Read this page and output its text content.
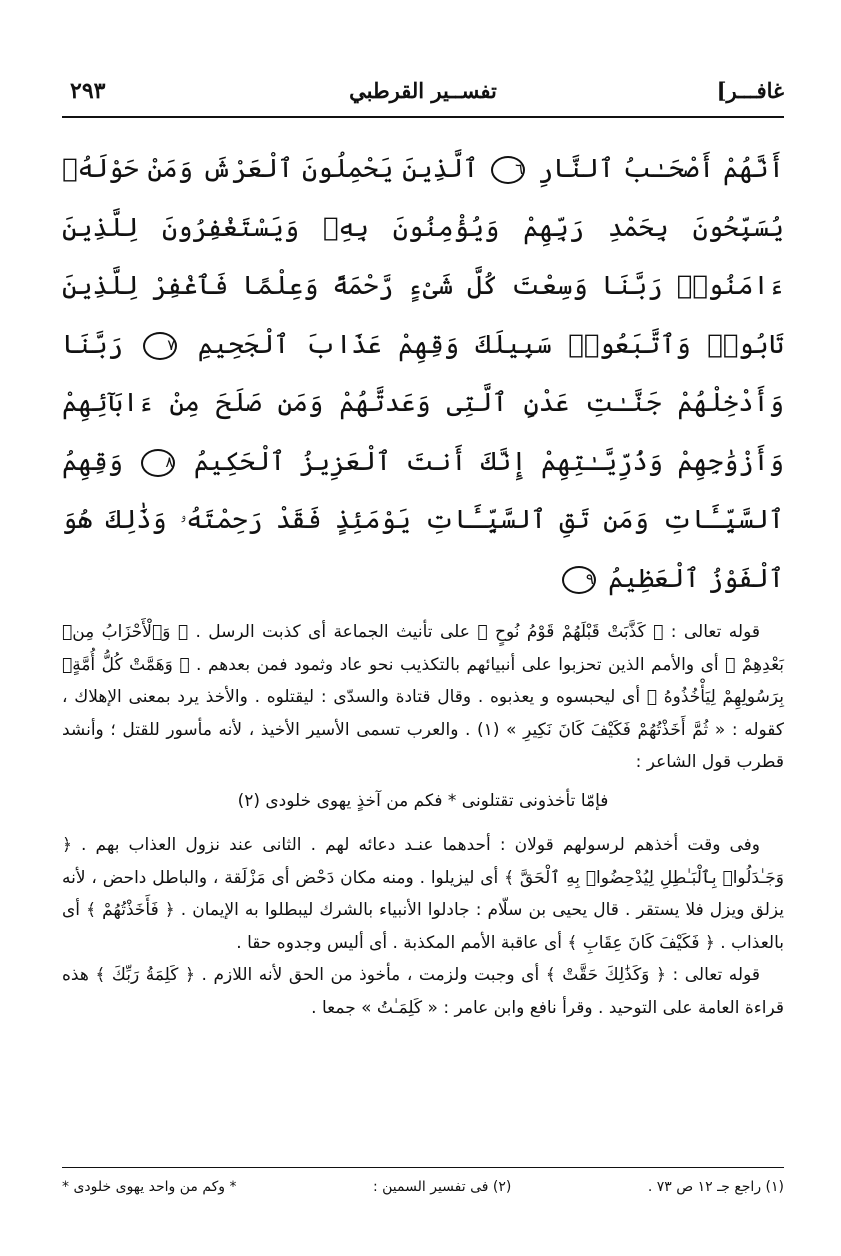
غافـــر]
تفســير القرطبي
٢٩٣
أَنَّهُمْ أَصْحَـٰبُ ٱلنَّارِ ٦ ٱلَّذِينَ يَحْمِلُونَ ٱلْعَرْشَ وَمَنْ حَوْلَهُۥ يُسَبِّحُونَ بِحَمْدِ رَبِّهِمْ وَيُؤْمِنُونَ بِهِۦ وَيَسْتَغْفِرُونَ لِلَّذِينَ ءَامَنُوا۟ رَبَّنَا وَسِعْتَ كُلَّ شَىْءٍ رَّحْمَةً وَعِلْمًا فَٱغْفِرْ لِلَّذِينَ تَابُوا۟ وَٱتَّبَعُوا۟ سَبِيلَكَ وَقِهِمْ عَذَابَ ٱلْجَحِيمِ ٧ رَبَّنَا وَأَدْخِلْهُمْ جَنَّـٰتِ عَدْنٍ ٱلَّتِى وَعَدتَّهُمْ وَمَن صَلَحَ مِنْ ءَابَآئِهِمْ وَأَزْوَٰجِهِمْ وَذُرِّيَّـٰتِهِمْ إِنَّكَ أَنتَ ٱلْعَزِيزُ ٱلْحَكِيمُ ٨ وَقِهِمُ ٱلسَّيِّـَٔاتِ وَمَن تَقِ ٱلسَّيِّـَٔاتِ يَوْمَئِذٍ فَقَدْ رَحِمْتَهُۥ وَذَٰلِكَ هُوَ ٱلْفَوْزُ ٱلْعَظِيمُ ٩

قوله تعالى : ﴿ كَذَّبَتْ قَبْلَهُمْ قَوْمُ نُوحٍ ﴾ على تأنيث الجماعة أى كذبت الرسل . ﴿ وَٱلْأَحْزَابُ مِنۢ بَعْدِهِمْ ﴾ أى والأمم الذين تحزبوا على أنبيائهم بالتكذيب نحو عاد وثمود فمن بعدهم . ﴿ وَهَمَّتْ كُلُّ أُمَّةٍۭ بِرَسُولِهِمْ لِيَأْخُذُوهُ ﴾ أى ليحبسوه و يعذبوه . وقال قتادة والسدّى : ليقتلوه . والأخذ يرد بمعنى الإهلاك ، كقوله : « ثُمَّ أَخَذْتُهُمْ فَكَيْفَ كَانَ نَكِيرِ » (١) . والعرب تسمى الأسير الأخيذ ، لأنه مأسور للقتل ؛ وأنشد قطرب قول الشاعر :

فإمّا تأخذونى تقتلونى * فكم من آخذٍ يهوى خلودى (٢)

وفى وقت أخذهم لرسولهم قولان : أحدهما عنـد دعائه لهم . الثانى عند نزول العذاب بهم . ﴿ وَجَـٰدَلُوا۟ بِٱلْبَـٰطِلِ لِيُدْحِضُوا۟ بِهِ ٱلْحَقَّ ﴾ أى ليزيلوا . ومنه مكان دَحْض أى مَزْلَقة ، والباطل داحض ، لأنه يزلق ويزل فلا يستقر . قال يحيى بن سلّام : جادلوا الأنبياء بالشرك ليبطلوا به الإيمان . ﴿ فَأَخَذْتُهُمْ ﴾ أى بالعذاب . ﴿ فَكَيْفَ كَانَ عِقَابِ ﴾ أى عاقبة الأمم المكذبة . أى أليس وجدوه حقا .

قوله تعالى : ﴿ وَكَذَٰلِكَ حَقَّتْ ﴾ أى وجبت ولزمت ، مأخوذ من الحق لأنه اللازم . ﴿ كَلِمَةُ رَبِّكَ ﴾ هذه قراءة العامة على التوحيد . وقرأ نافع وابن عامر : « كَلِمَـٰتُ » جمعا .

(١) راجع جـ ١٢ ص ٧٣ .
(٢) فى تفسير السمين :
* وكم من واحد يهوى خلودى *
